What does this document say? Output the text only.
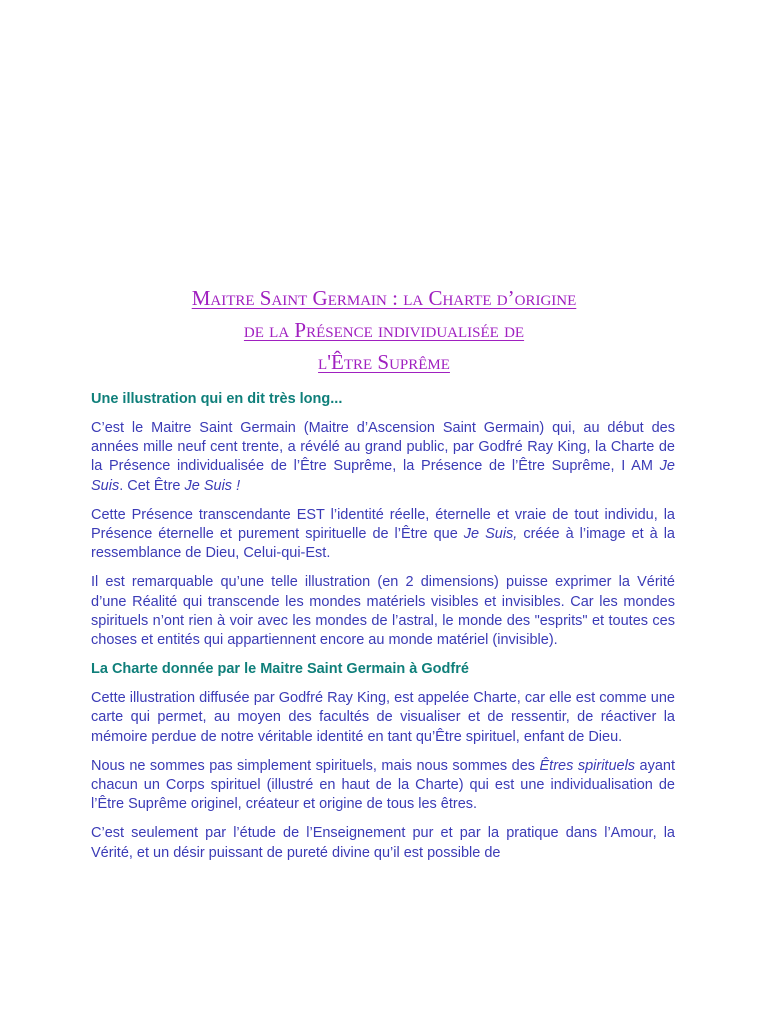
Maitre Saint Germain : la Charte d’origine

de la Présence individualisée de

l'Être Suprême

Une illustration qui en dit très long...

C’est le Maitre Saint Germain (Maitre d’Ascension Saint Germain) qui, au début des années mille neuf cent trente, a révélé au grand public, par Godfré Ray King, la Charte de la Présence individualisée de l’Être Suprême, la Présence de l’Être Suprême, I AM Je Suis. Cet Être Je Suis !

Cette Présence transcendante EST l’identité réelle, éternelle et vraie de tout individu, la Présence éternelle et purement spirituelle de l’Être que Je Suis, créée à l’image et à la ressemblance de Dieu, Celui-qui-Est.

Il est remarquable qu’une telle illustration (en 2 dimensions) puisse exprimer la Vérité d’une Réalité qui transcende les mondes matériels visibles et invisibles. Car les mondes spirituels n’ont rien à voir avec les mondes de l’astral, le monde des "esprits" et toutes ces choses et entités qui appartiennent encore au monde matériel (invisible).

La Charte donnée par le Maitre Saint Germain à Godfré

Cette illustration diffusée par Godfré Ray King, est appelée Charte, car elle est comme une carte qui permet, au moyen des facultés de visualiser et de ressentir, de réactiver la mémoire perdue de notre véritable identité en tant qu’Être spirituel, enfant de Dieu.

Nous ne sommes pas simplement spirituels, mais nous sommes des Êtres spirituels ayant chacun un Corps spirituel (illustré en haut de la Charte) qui est une individualisation de l’Être Suprême originel, créateur et origine de tous les êtres.

C’est seulement par l’étude de l’Enseignement pur et par la pratique dans l’Amour, la Vérité, et un désir puissant de pureté divine qu’il est possible de
